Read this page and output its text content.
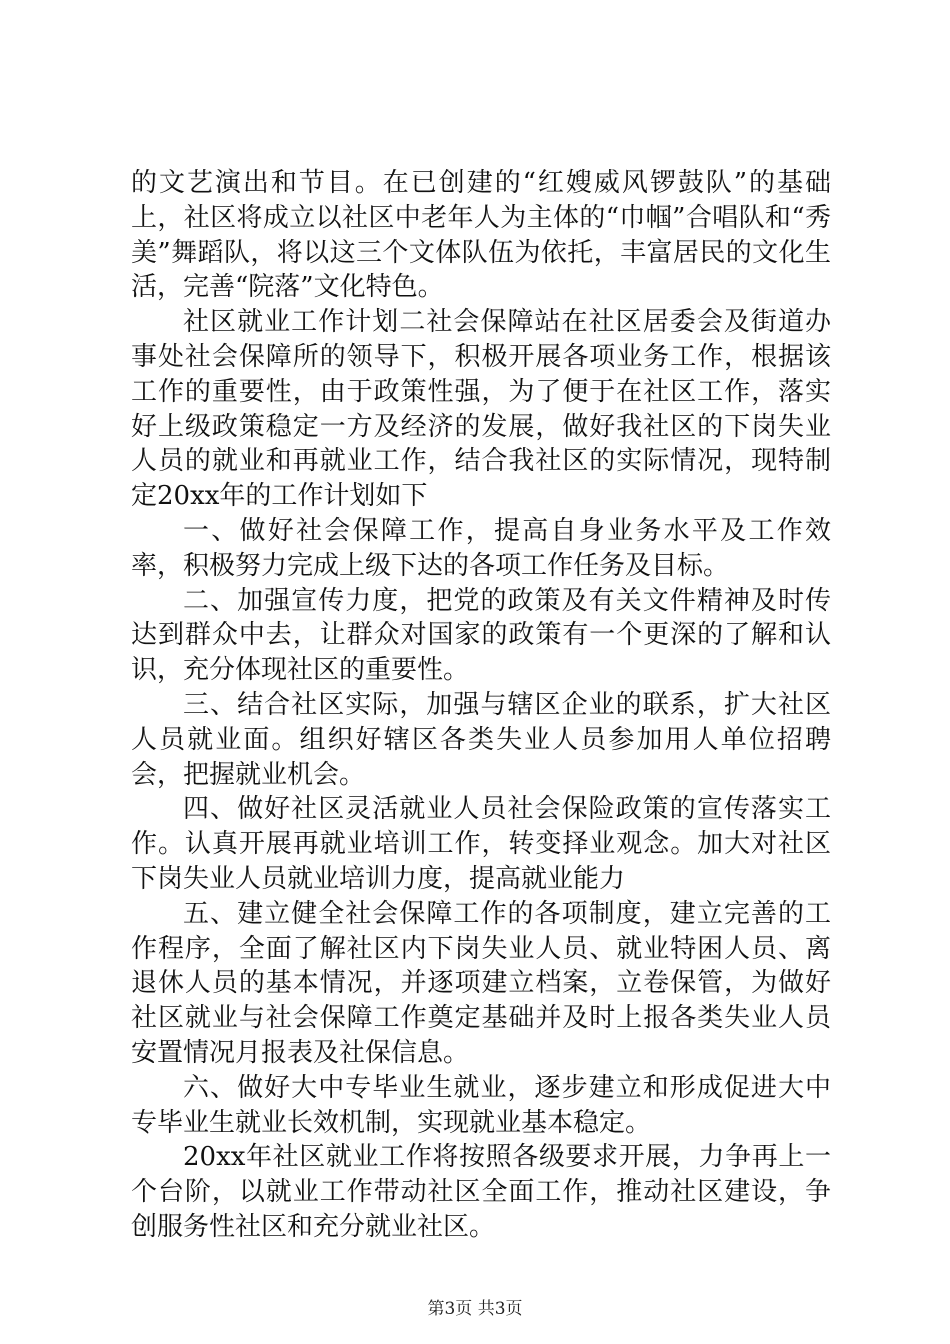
的文艺演出和节目。在已创建的“红嫂威风锣鼓队”的基础上，社区将成立以社区中老年人为主体的“巾帼”合唱队和“秀美”舞蹈队，将以这三个文体队伍为依托，丰富居民的文化生活，完善“院落”文化特色。

社区就业工作计划二社会保障站在社区居委会及街道办事处社会保障所的领导下，积极开展各项业务工作，根据该工作的重要性，由于政策性强，为了便于在社区工作，落实好上级政策稳定一方及经济的发展，做好我社区的下岗失业人员的就业和再就业工作，结合我社区的实际情况，现特制定20xx年的工作计划如下

一、做好社会保障工作，提高自身业务水平及工作效率，积极努力完成上级下达的各项工作任务及目标。

二、加强宣传力度，把党的政策及有关文件精神及时传达到群众中去，让群众对国家的政策有一个更深的了解和认识，充分体现社区的重要性。

三、结合社区实际，加强与辖区企业的联系，扩大社区人员就业面。组织好辖区各类失业人员参加用人单位招聘会，把握就业机会。

四、做好社区灵活就业人员社会保险政策的宣传落实工作。认真开展再就业培训工作，转变择业观念。加大对社区下岗失业人员就业培训力度，提高就业能力

五、建立健全社会保障工作的各项制度，建立完善的工作程序，全面了解社区内下岗失业人员、就业特困人员、离退休人员的基本情况，并逐项建立档案，立卷保管，为做好社区就业与社会保障工作奠定基础并及时上报各类失业人员安置情况月报表及社保信息。

六、做好大中专毕业生就业，逐步建立和形成促进大中专毕业生就业长效机制，实现就业基本稳定。

20xx年社区就业工作将按照各级要求开展，力争再上一个台阶，以就业工作带动社区全面工作，推动社区建设，争创服务性社区和充分就业社区。

第3页 共3页
